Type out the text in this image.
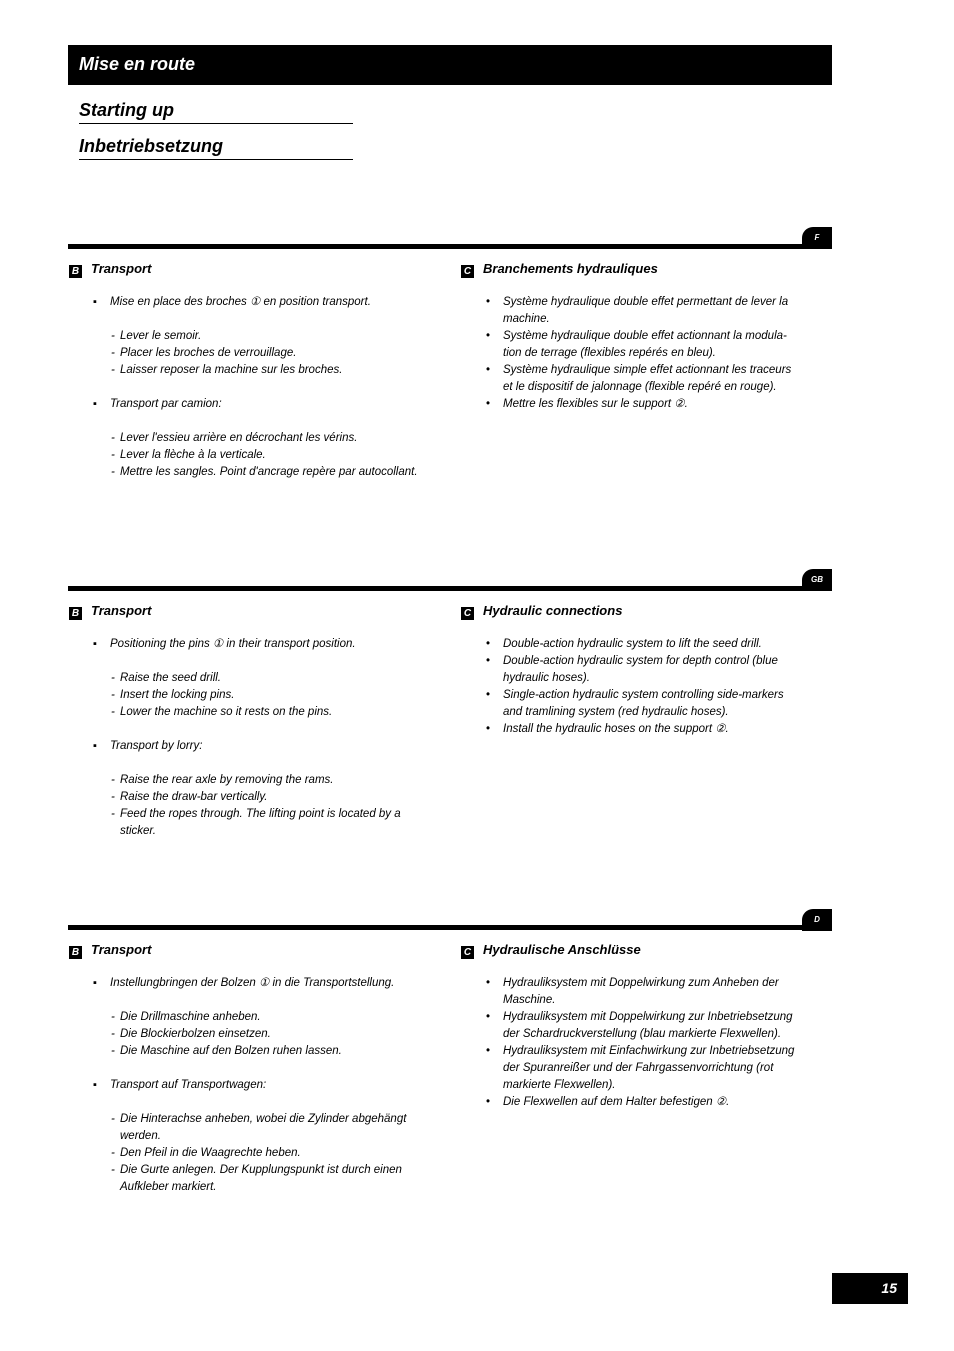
Mise en route
Starting up
Inbetriebsetzung
F
B Transport	C Branchements hydrauliques
▪ Mise en place des broches ① en position transport.
- Lever le semoir.
- Placer les broches de verrouillage.
- Laisser reposer la machine sur les broches.
▪ Transport par camion:
- Lever l'essieu arrière en décrochant les vérins.
- Lever la flèche à la verticale.
- Mettre les sangles. Point d'ancrage repère par autocollant.
• Système hydraulique double effet permettant de lever la machine.
• Système hydraulique double effet actionnant la modula-tion de terrage (flexibles repérés en bleu).
• Système hydraulique simple effet actionnant les traceurs et le dispositif de jalonnage (flexible repéré en rouge).
• Mettre les flexibles sur le support ②.
GB
B Transport	C Hydraulic connections
▪ Positioning the pins ① in their transport position.
- Raise the seed drill.
- Insert the locking pins.
- Lower the machine so it rests on the pins.
▪ Transport by lorry:
- Raise the rear axle by removing the rams.
- Raise the draw-bar vertically.
- Feed the ropes through. The lifting point is located by a sticker.
• Double-action hydraulic system to lift the seed drill.
• Double-action hydraulic system for depth control (blue hydraulic hoses).
• Single-action hydraulic system controlling side-markers and tramlining system (red hydraulic hoses).
• Install the hydraulic hoses on the support ②.
D
B Transport	C Hydraulische Anschlüsse
▪ Instellungbringen der Bolzen ① in die Transportstellung.
- Die Drillmaschine anheben.
- Die Blockierbolzen einsetzen.
- Die Maschine auf den Bolzen ruhen lassen.
▪ Transport auf Transportwagen:
- Die Hinterachse anheben, wobei die Zylinder abgehängt werden.
- Den Pfeil in die Waagrechte heben.
- Die Gurte anlegen. Der Kupplungspunkt ist durch einen Aufkleber markiert.
• Hydrauliksystem mit Doppelwirkung zum Anheben der Maschine.
• Hydrauliksystem mit Doppelwirkung zur Inbetriebsetzung der Schardruckverstellung (blau markierte Flexwellen).
• Hydrauliksystem mit Einfachwirkung zur Inbetriebsetzung der Spuranreißer und der Fahrgassenvorrichtung (rot markierte Flexwellen).
• Die Flexwellen auf dem Halter befestigen ②.
15
